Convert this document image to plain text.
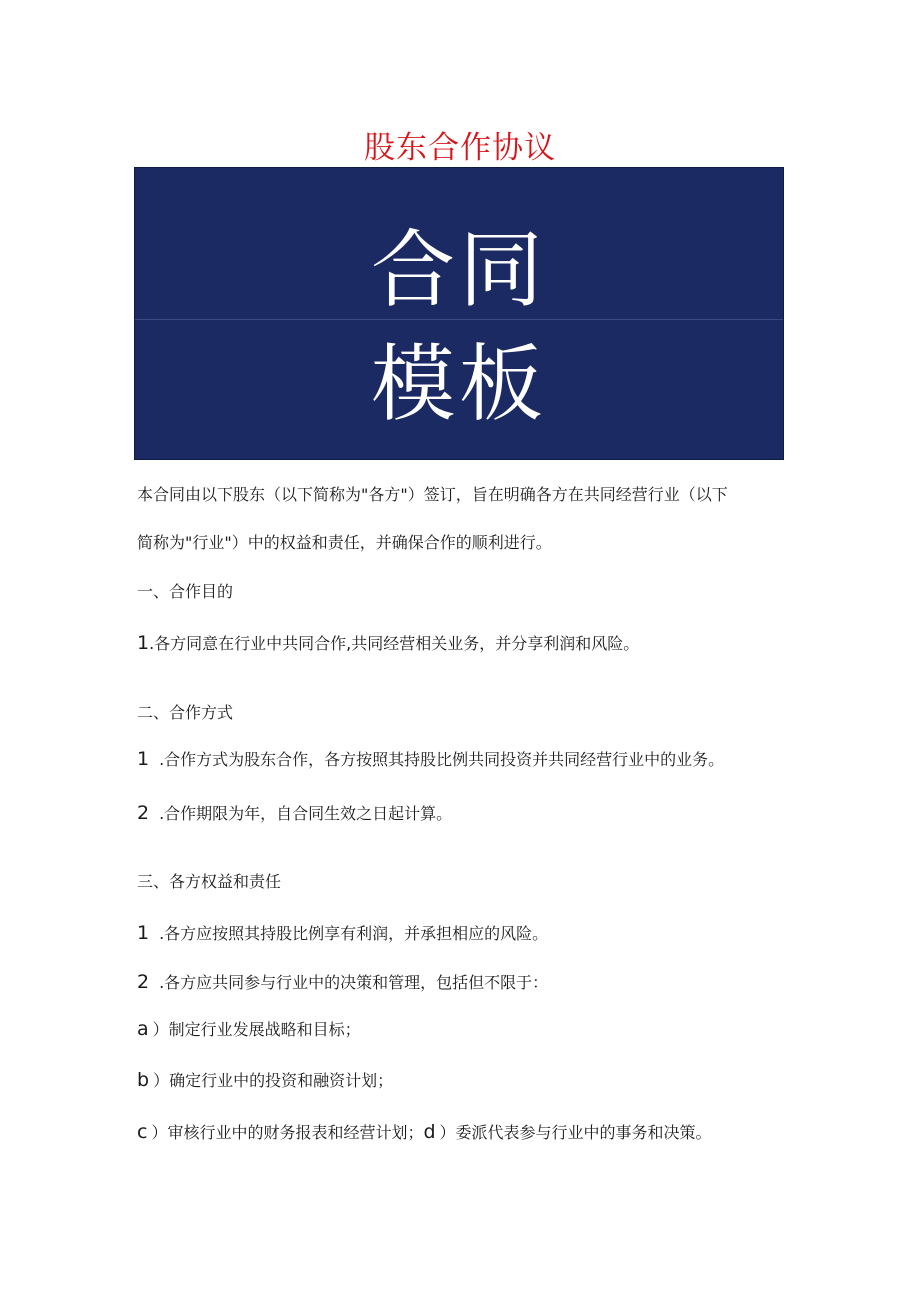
股东合作协议
合同
模板
本合同由以下股东（以下简称为"各方"）签订，旨在明确各方在共同经营行业（以下
简称为"行业"）中的权益和责任，并确保合作的顺利进行。
一、合作目的
1.各方同意在行业中共同合作,共同经营相关业务，并分享利润和风险。
二、合作方式
1 .合作方式为股东合作，各方按照其持股比例共同投资并共同经营行业中的业务。
2 .合作期限为年，自合同生效之日起计算。
三、各方权益和责任
1 .各方应按照其持股比例享有利润，并承担相应的风险。
2 .各方应共同参与行业中的决策和管理，包括但不限于：
a ）制定行业发展战略和目标；
b ）确定行业中的投资和融资计划；
c ）审核行业中的财务报表和经营计划；d ）委派代表参与行业中的事务和决策。
